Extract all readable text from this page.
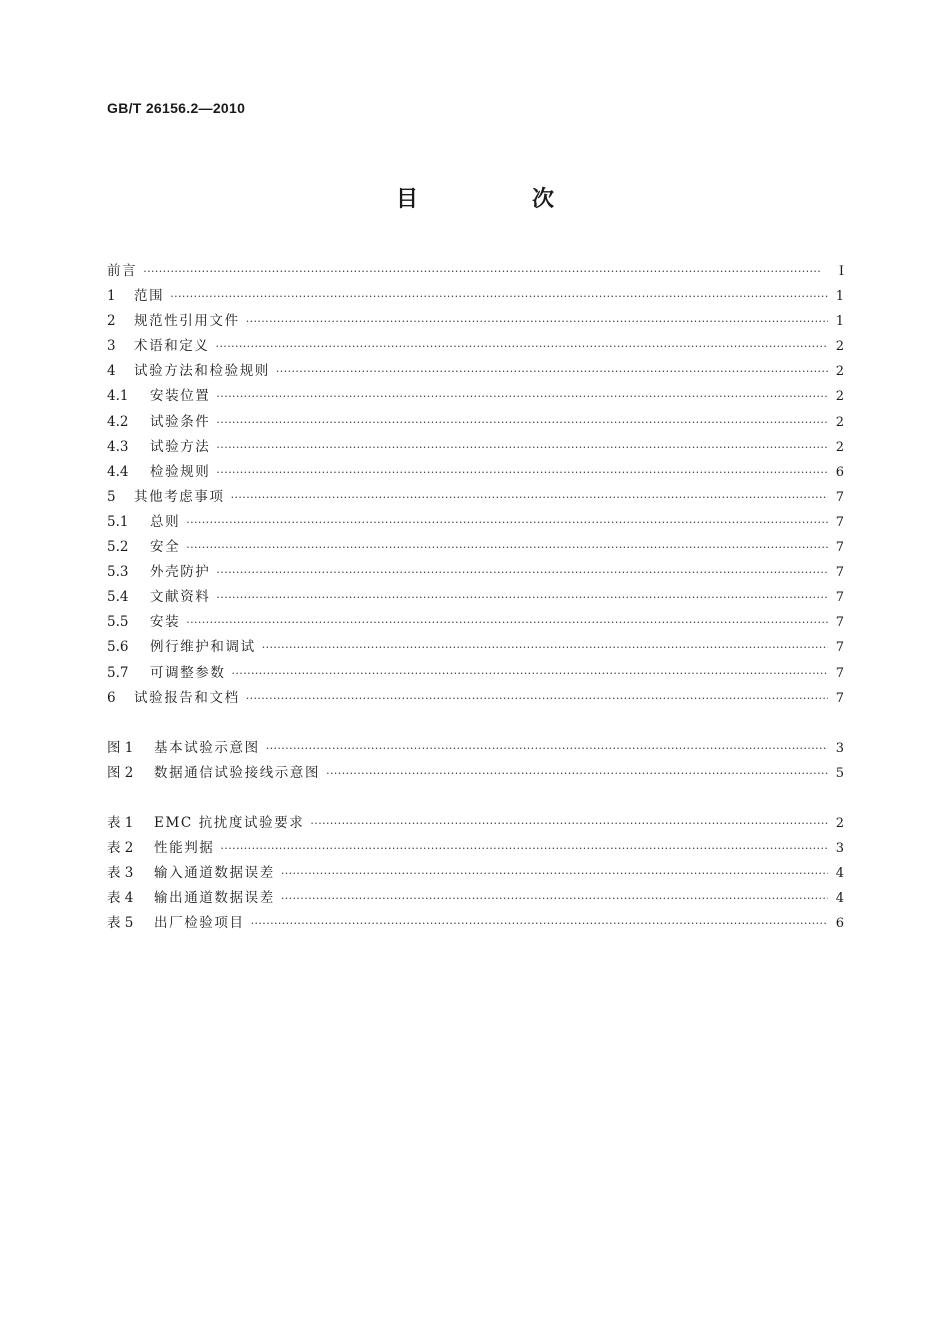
GB/T 26156.2—2010
目　次
前言 ·····	Ⅰ
1	范围 ·····	1
2	规范性引用文件 ·····	1
3	术语和定义 ·····	2
4	试验方法和检验规则 ·····	2
4.1	安装位置 ·····	2
4.2	试验条件 ·····	2
4.3	试验方法 ·····	2
4.4	检验规则 ·····	6
5	其他考虑事项 ·····	7
5.1	总则 ·····	7
5.2	安全 ·····	7
5.3	外壳防护 ·····	7
5.4	文献资料 ·····	7
5.5	安装 ·····	7
5.6	例行维护和调试 ·····	7
5.7	可调整参数 ·····	7
6	试验报告和文档 ·····	7
图 1	基本试验示意图 ·····	3
图 2	数据通信试验接线示意图 ·····	5
表 1	EMC 抗扰度试验要求 ·····	2
表 2	性能判据 ·····	3
表 3	输入通道数据误差 ·····	4
表 4	输出通道数据误差 ·····	4
表 5	出厂检验项目 ·····	6
